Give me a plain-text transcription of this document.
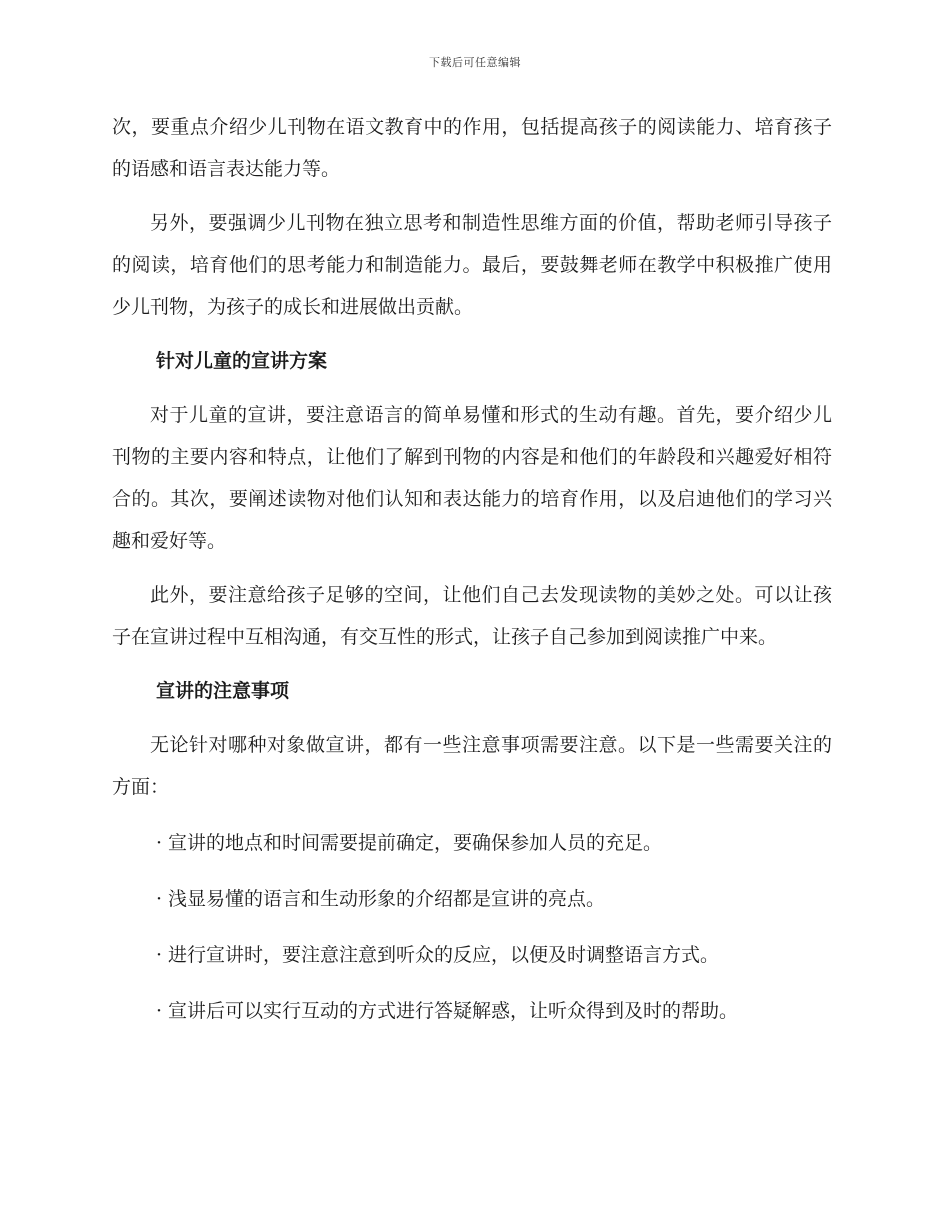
下载后可任意编辑

次，要重点介绍少儿刊物在语文教育中的作用，包括提高孩子的阅读能力、培育孩子的语感和语言表达能力等。

另外，要强调少儿刊物在独立思考和制造性思维方面的价值，帮助老师引导孩子的阅读，培育他们的思考能力和制造能力。最后，要鼓舞老师在教学中积极推广使用少儿刊物，为孩子的成长和进展做出贡献。

针对儿童的宣讲方案

对于儿童的宣讲，要注意语言的简单易懂和形式的生动有趣。首先，要介绍少儿刊物的主要内容和特点，让他们了解到刊物的内容是和他们的年龄段和兴趣爱好相符合的。其次，要阐述读物对他们认知和表达能力的培育作用，以及启迪他们的学习兴趣和爱好等。

此外，要注意给孩子足够的空间，让他们自己去发现读物的美妙之处。可以让孩子在宣讲过程中互相沟通，有交互性的形式，让孩子自己参加到阅读推广中来。

宣讲的注意事项

无论针对哪种对象做宣讲，都有一些注意事项需要注意。以下是一些需要关注的方面：

· 宣讲的地点和时间需要提前确定，要确保参加人员的充足。
· 浅显易懂的语言和生动形象的介绍都是宣讲的亮点。
· 进行宣讲时，要注意注意到听众的反应，以便及时调整语言方式。
· 宣讲后可以实行互动的方式进行答疑解惑，让听众得到及时的帮助。
